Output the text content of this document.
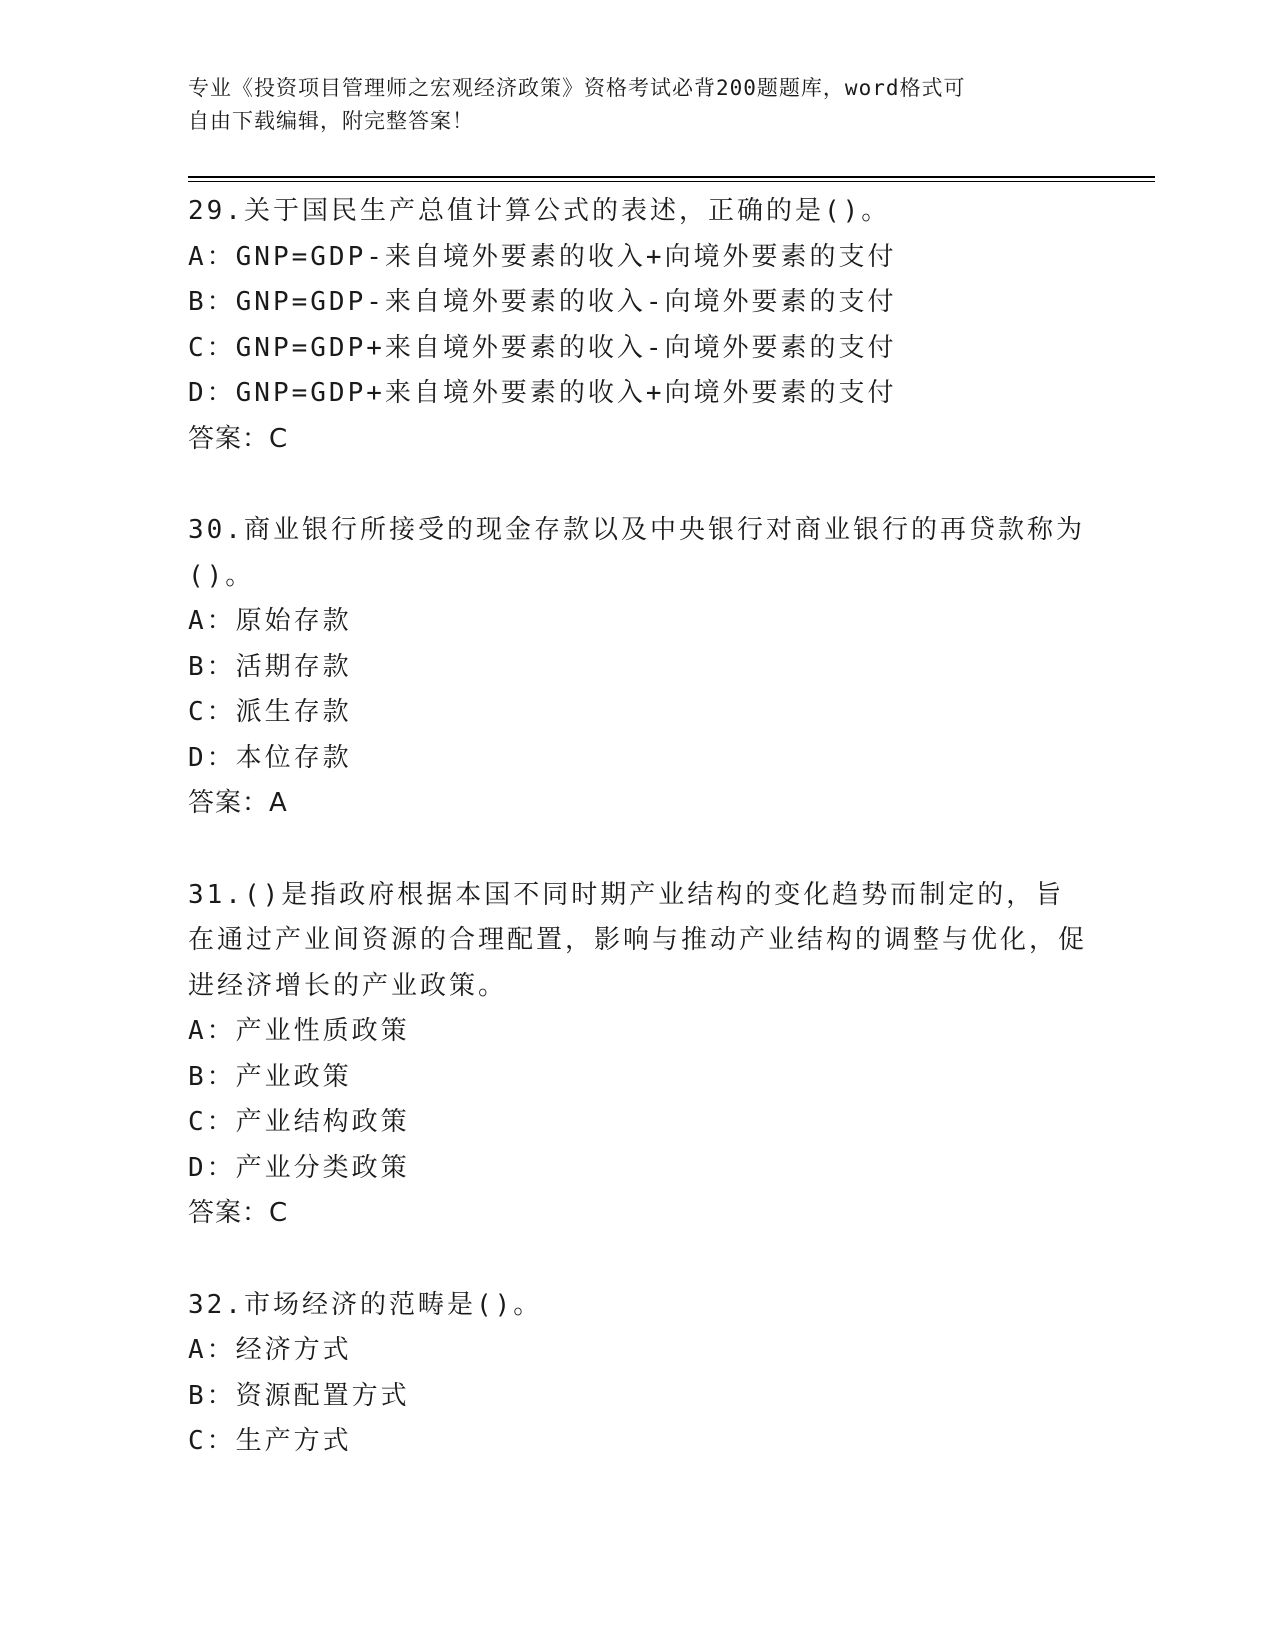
专业《投资项目管理师之宏观经济政策》资格考试必背200题题库，word格式可
自由下载编辑，附完整答案！
29.关于国民生产总值计算公式的表述，正确的是()。
A：GNP=GDP-来自境外要素的收入+向境外要素的支付
B：GNP=GDP-来自境外要素的收入-向境外要素的支付
C：GNP=GDP+来自境外要素的收入-向境外要素的支付
D：GNP=GDP+来自境外要素的收入+向境外要素的支付
答案：C
30.商业银行所接受的现金存款以及中央银行对商业银行的再贷款称为()。
A：原始存款
B：活期存款
C：派生存款
D：本位存款
答案：A
31.()是指政府根据本国不同时期产业结构的变化趋势而制定的，旨在通过产业间资源的合理配置，影响与推动产业结构的调整与优化，促进经济增长的产业政策。
A：产业性质政策
B：产业政策
C：产业结构政策
D：产业分类政策
答案：C
32.市场经济的范畴是()。
A：经济方式
B：资源配置方式
C：生产方式
